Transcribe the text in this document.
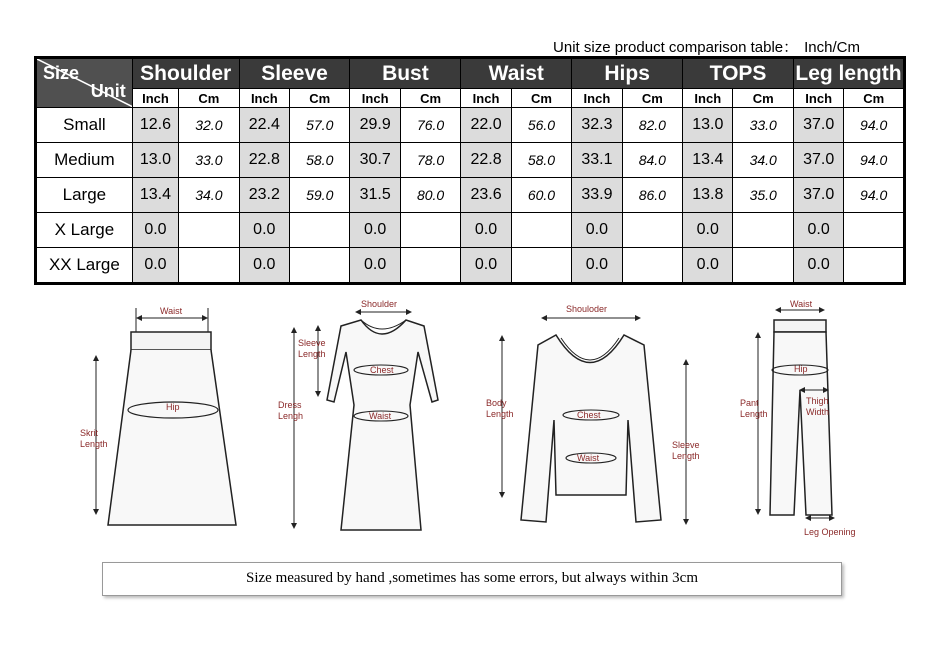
Unit size product comparison table： Inch/Cm
Size
Unit	Shoulder		Sleeve		Bust		Waist		Hips		TOPS		Leg length	
	Inch	Cm	Inch	Cm	Inch	Cm	Inch	Cm	Inch	Cm	Inch	Cm	Inch	Cm
Small	12.6	32.0	22.4	57.0	29.9	76.0	22.0	56.0	32.3	82.0	13.0	33.0	37.0	94.0
Medium	13.0	33.0	22.8	58.0	30.7	78.0	22.8	58.0	33.1	84.0	13.4	34.0	37.0	94.0
Large	13.4	34.0	23.2	59.0	31.5	80.0	23.6	60.0	33.9	86.0	13.8	35.0	37.0	94.0
X Large	0.0		0.0		0.0		0.0		0.0		0.0		0.0	
XX Large	0.0		0.0		0.0		0.0		0.0		0.0		0.0	
Waist
Hip
Skrit
Length
Shoulder
Sleeve
Length
Chest
Waist
Dress
Lengh
Shouloder
Body
Length	Chest
Waist
Sleeve
Length
Waist
Hip
Pant
Length
Thigh
Width
Leg Opening
Size measured by hand ,sometimes has some errors, but always within 3cm
